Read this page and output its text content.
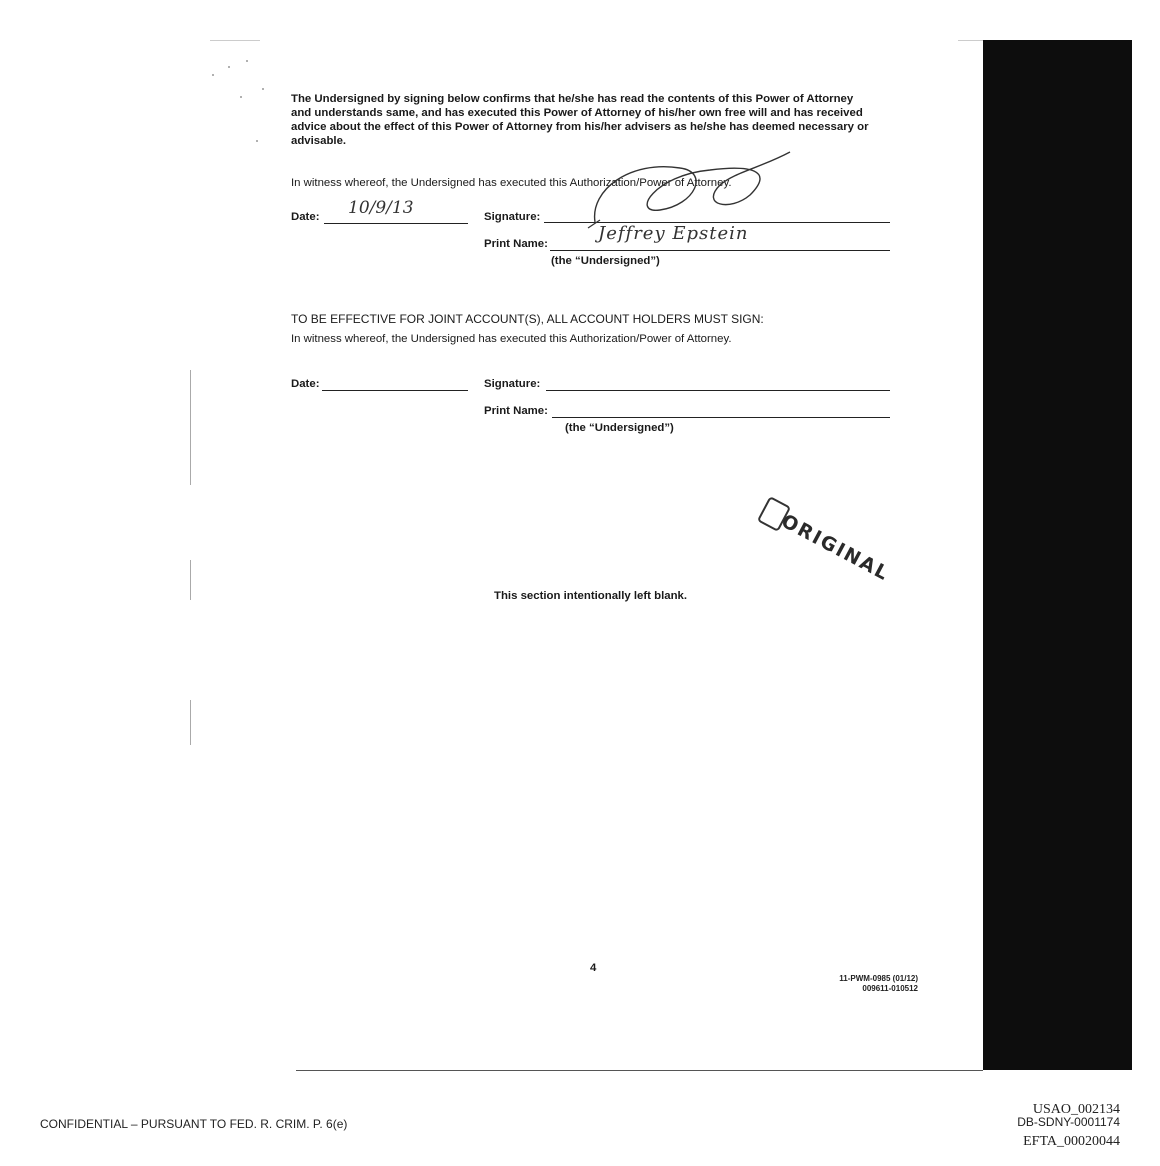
The Undersigned by signing below confirms that he/she has read the contents of this Power of Attorney
and understands same, and has executed this Power of Attorney of his/her own free will and has received
advice about the effect of this Power of Attorney from his/her advisers as he/she has deemed necessary or
advisable.
In witness whereof, the Undersigned has executed this Authorization/Power of Attorney.
Date: 10/9/13	Signature:
Print Name:	Jeffrey Epstein
(the “Undersigned”)
TO BE EFFECTIVE FOR JOINT ACCOUNT(S), ALL ACCOUNT HOLDERS MUST SIGN:
In witness whereof, the Undersigned has executed this Authorization/Power of Attorney.
Date:	Signature:
Print Name:
(the “Undersigned”)
ORIGINAL
This section intentionally left blank.
4
11-PWM-0985 (01/12)
009611-010512
CONFIDENTIAL – PURSUANT TO FED. R. CRIM. P. 6(e)
USAO_002134
DB-SDNY-0001174
EFTA_00020044
